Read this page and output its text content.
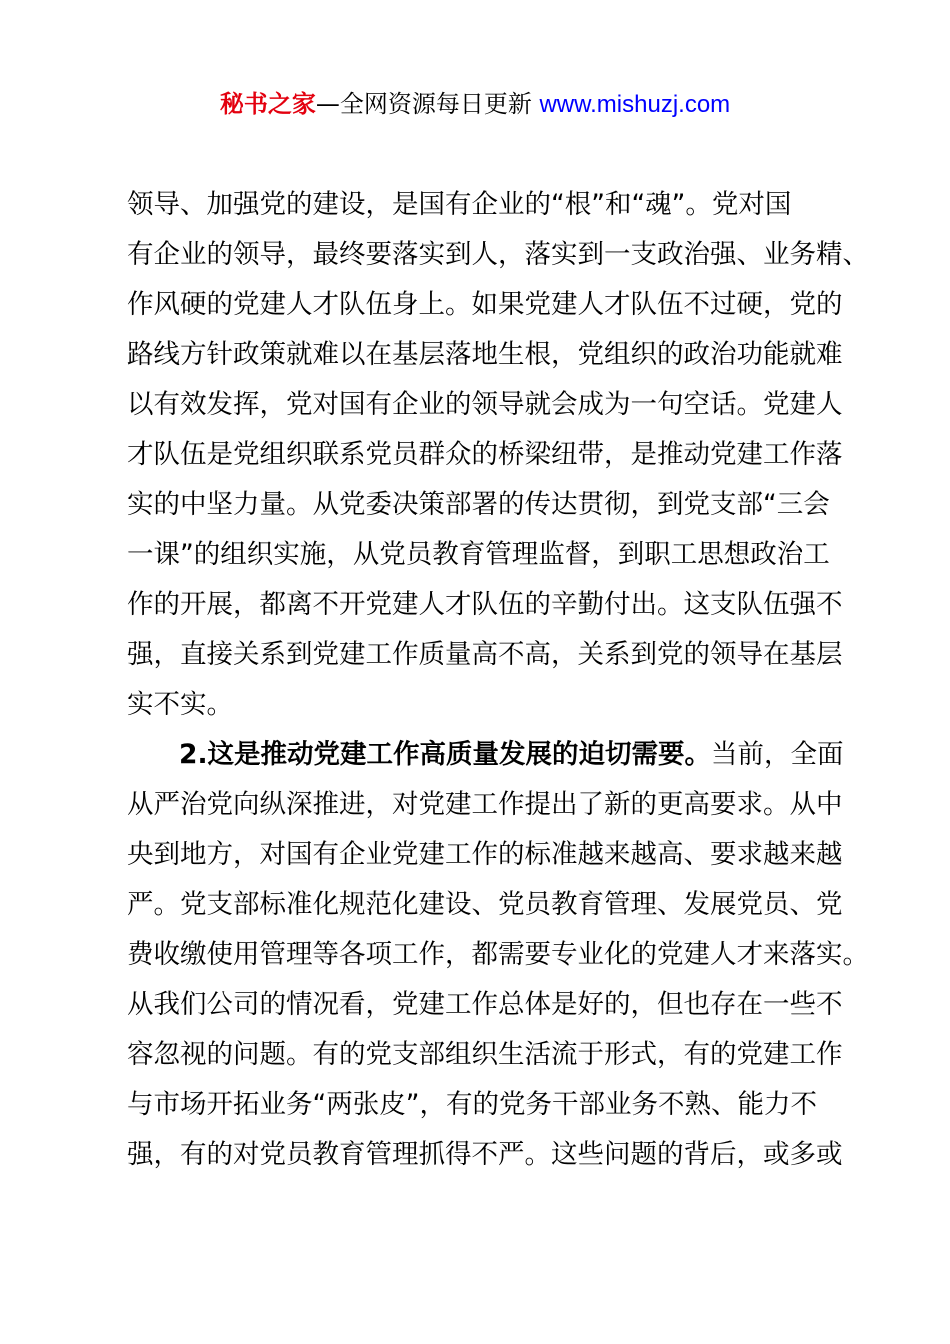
秘书之家—全网资源每日更新 www.mishuzj.com
领导、加强党的建设，是国有企业的“根”和“魂”。党对国
有企业的领导，最终要落实到人，落实到一支政治强、业务精、
作风硬的党建人才队伍身上。如果党建人才队伍不过硬，党的
路线方针政策就难以在基层落地生根，党组织的政治功能就难
以有效发挥，党对国有企业的领导就会成为一句空话。党建人
才队伍是党组织联系党员群众的桥梁纽带，是推动党建工作落
实的中坚力量。从党委决策部署的传达贯彻，到党支部“三会
一课”的组织实施，从党员教育管理监督，到职工思想政治工
作的开展，都离不开党建人才队伍的辛勤付出。这支队伍强不
强，直接关系到党建工作质量高不高，关系到党的领导在基层
实不实。
2.这是推动党建工作高质量发展的迫切需要。当前，全面
从严治党向纵深推进，对党建工作提出了新的更高要求。从中
央到地方，对国有企业党建工作的标准越来越高、要求越来越
严。党支部标准化规范化建设、党员教育管理、发展党员、党
费收缴使用管理等各项工作，都需要专业化的党建人才来落实。
从我们公司的情况看，党建工作总体是好的，但也存在一些不
容忽视的问题。有的党支部组织生活流于形式，有的党建工作
与市场开拓业务“两张皮”，有的党务干部业务不熟、能力不
强，有的对党员教育管理抓得不严。这些问题的背后，或多或
